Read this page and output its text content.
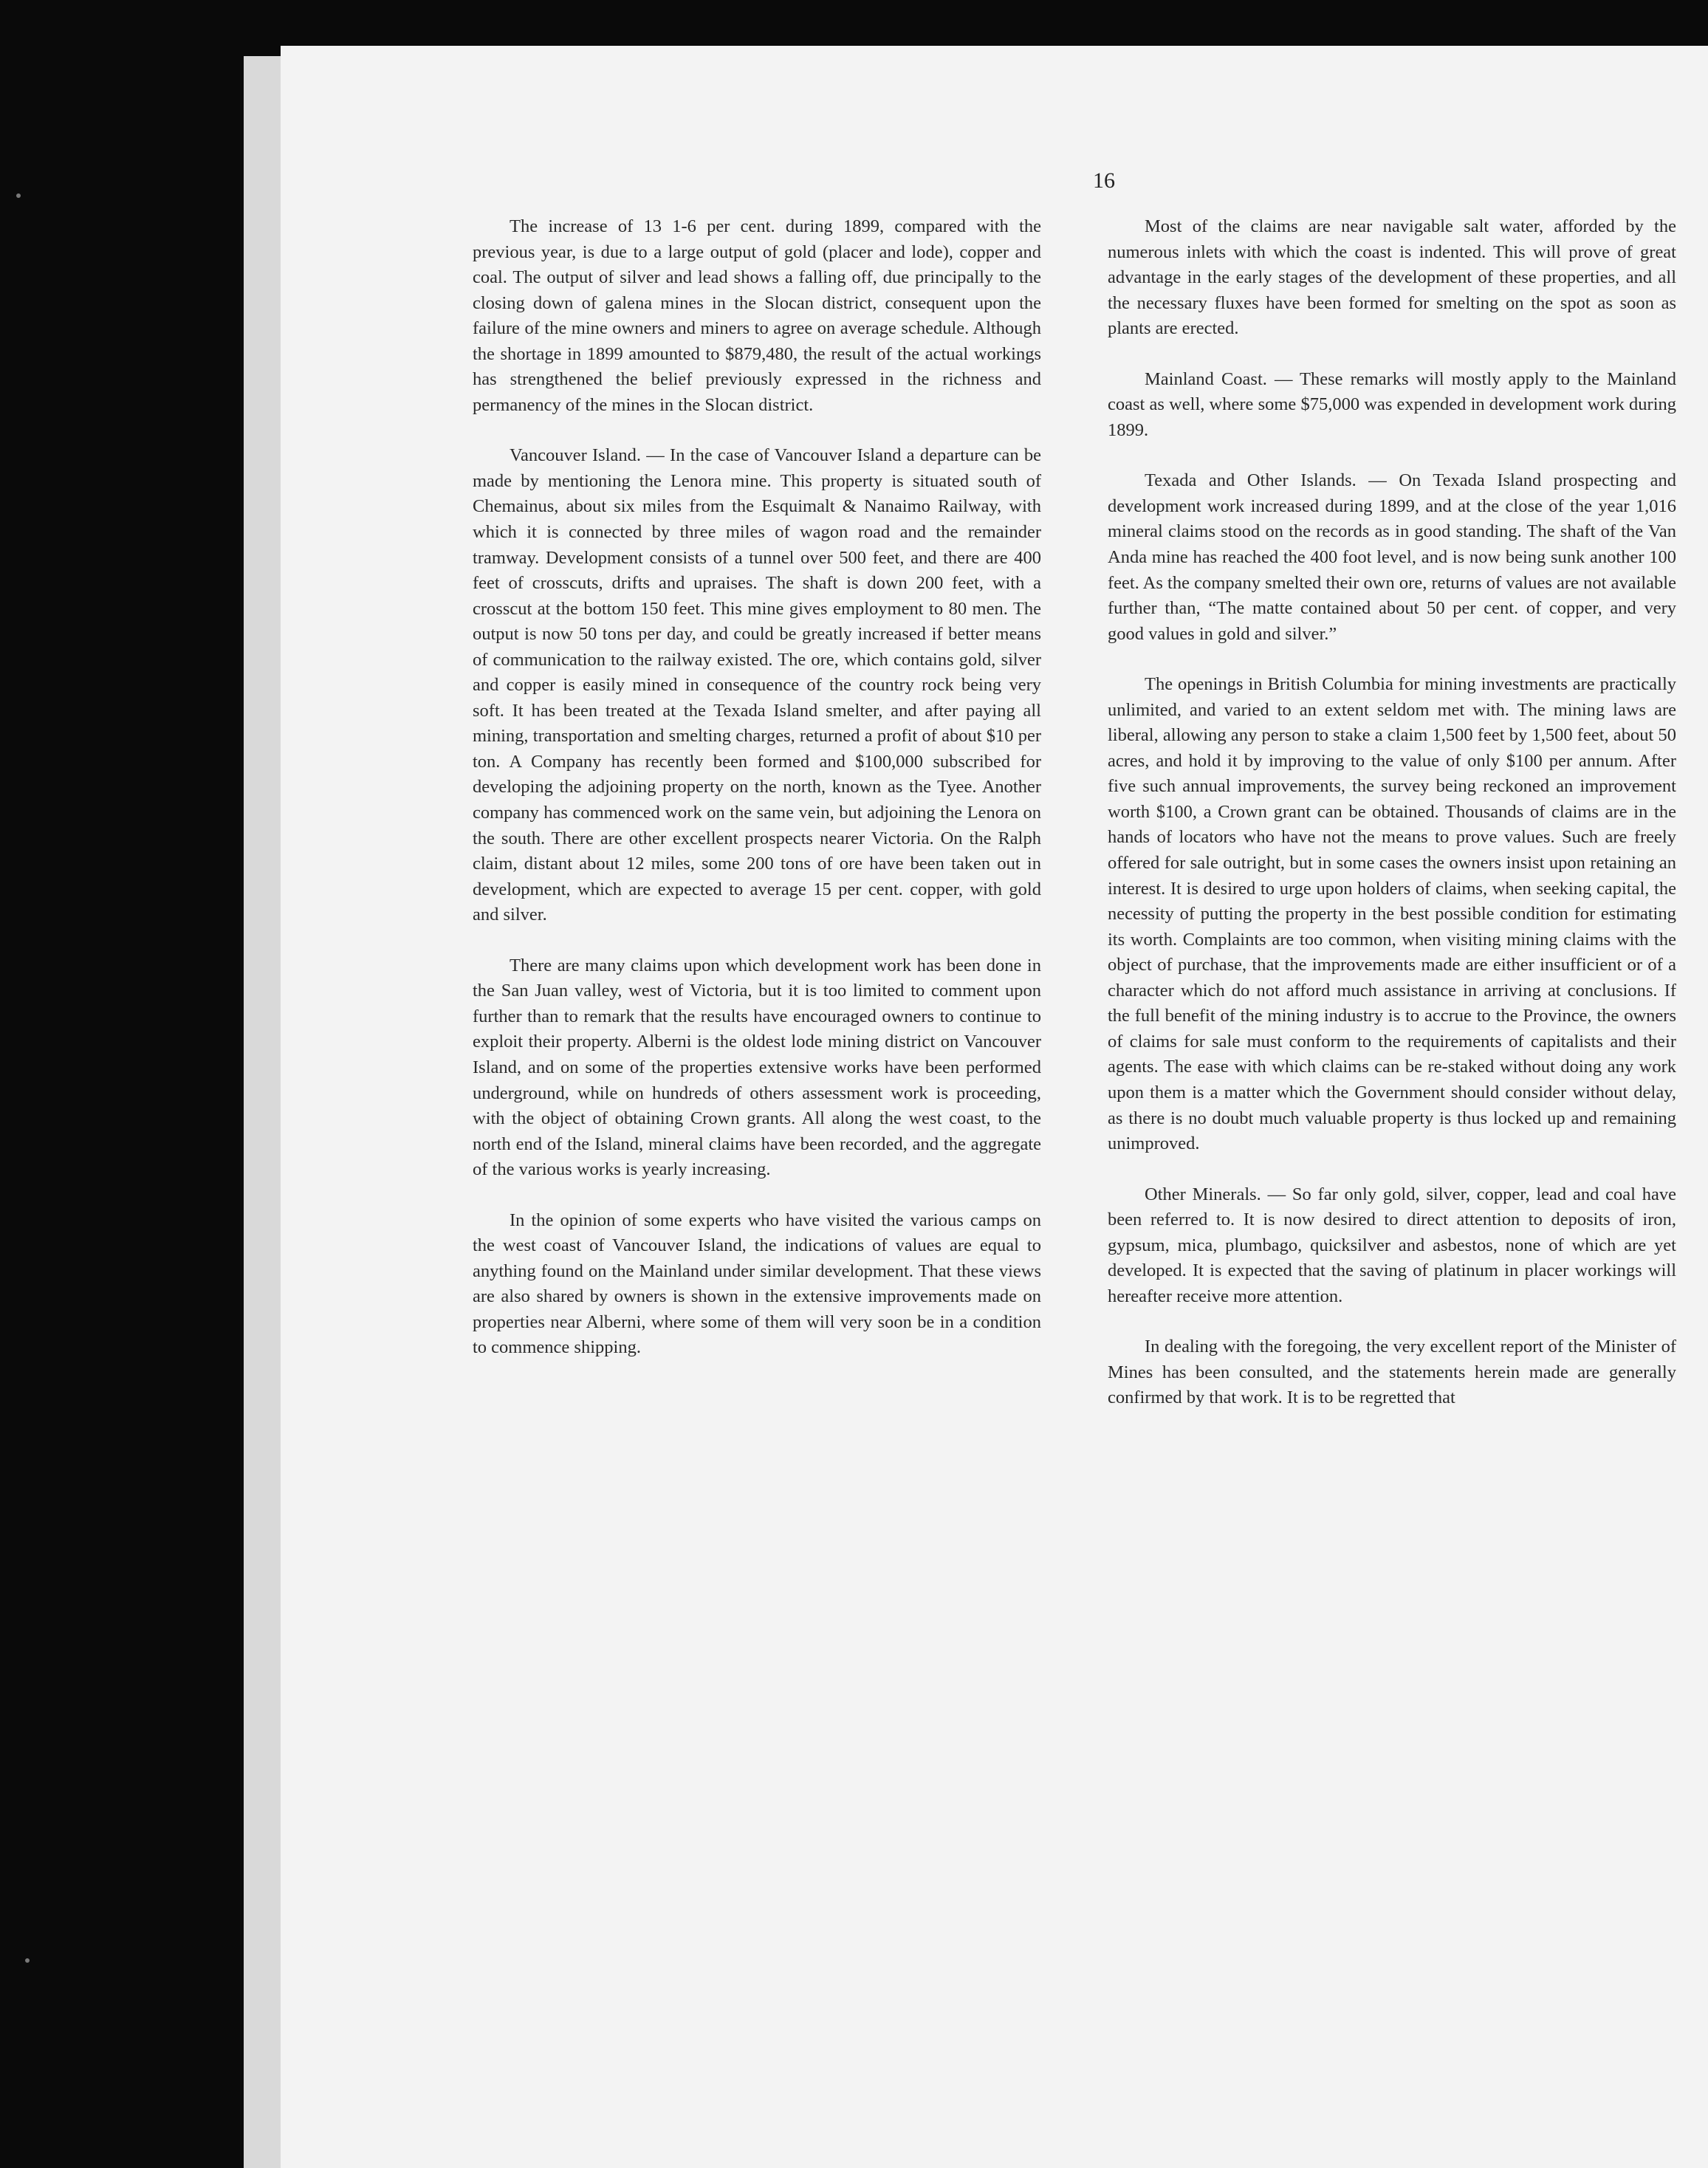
16

The increase of 13 1-6 per cent. during 1899, compared with the previous year, is due to a large output of gold (placer and lode), copper and coal. The output of silver and lead shows a falling off, due principally to the closing down of galena mines in the Slocan district, consequent upon the failure of the mine owners and miners to agree on average schedule. Although the shortage in 1899 amounted to $879,480, the result of the actual workings has strengthened the belief previously expressed in the richness and permanency of the mines in the Slocan district.

Vancouver Island. — In the case of Vancouver Island a departure can be made by mentioning the Lenora mine. This property is situated south of Chemainus, about six miles from the Esquimalt & Nanaimo Railway, with which it is connected by three miles of wagon road and the remainder tramway. Development consists of a tunnel over 500 feet, and there are 400 feet of crosscuts, drifts and upraises. The shaft is down 200 feet, with a crosscut at the bottom 150 feet. This mine gives employment to 80 men. The output is now 50 tons per day, and could be greatly increased if better means of communication to the railway existed. The ore, which contains gold, silver and copper is easily mined in consequence of the country rock being very soft. It has been treated at the Texada Island smelter, and after paying all mining, transportation and smelting charges, returned a profit of about $10 per ton. A Company has recently been formed and $100,000 subscribed for developing the adjoining property on the north, known as the Tyee. Another company has commenced work on the same vein, but adjoining the Lenora on the south. There are other excellent prospects nearer Victoria. On the Ralph claim, distant about 12 miles, some 200 tons of ore have been taken out in development, which are expected to average 15 per cent. copper, with gold and silver.

There are many claims upon which development work has been done in the San Juan valley, west of Victoria, but it is too limited to comment upon further than to remark that the results have encouraged owners to continue to exploit their property. Alberni is the oldest lode mining district on Vancouver Island, and on some of the properties extensive works have been performed underground, while on hundreds of others assessment work is proceeding, with the object of obtaining Crown grants. All along the west coast, to the north end of the Island, mineral claims have been recorded, and the aggregate of the various works is yearly increasing.

In the opinion of some experts who have visited the various camps on the west coast of Vancouver Island, the indications of values are equal to anything found on the Mainland under similar development. That these views are also shared by owners is shown in the extensive improvements made on properties near Alberni, where some of them will very soon be in a condition to commence shipping.

Most of the claims are near navigable salt water, afforded by the numerous inlets with which the coast is indented. This will prove of great advantage in the early stages of the development of these properties, and all the necessary fluxes have been formed for smelting on the spot as soon as plants are erected.

Mainland Coast. — These remarks will mostly apply to the Mainland coast as well, where some $75,000 was expended in development work during 1899.

Texada and Other Islands. — On Texada Island prospecting and development work increased during 1899, and at the close of the year 1,016 mineral claims stood on the records as in good standing. The shaft of the Van Anda mine has reached the 400 foot level, and is now being sunk another 100 feet. As the company smelted their own ore, returns of values are not available further than, “The matte contained about 50 per cent. of copper, and very good values in gold and silver.”

The openings in British Columbia for mining investments are practically unlimited, and varied to an extent seldom met with. The mining laws are liberal, allowing any person to stake a claim 1,500 feet by 1,500 feet, about 50 acres, and hold it by improving to the value of only $100 per annum. After five such annual improvements, the survey being reckoned an improvement worth $100, a Crown grant can be obtained. Thousands of claims are in the hands of locators who have not the means to prove values. Such are freely offered for sale outright, but in some cases the owners insist upon retaining an interest. It is desired to urge upon holders of claims, when seeking capital, the necessity of putting the property in the best possible condition for estimating its worth. Complaints are too common, when visiting mining claims with the object of purchase, that the improvements made are either insufficient or of a character which do not afford much assistance in arriving at conclusions. If the full benefit of the mining industry is to accrue to the Province, the owners of claims for sale must conform to the requirements of capitalists and their agents. The ease with which claims can be re-staked without doing any work upon them is a matter which the Government should consider without delay, as there is no doubt much valuable property is thus locked up and remaining unimproved.

Other Minerals. — So far only gold, silver, copper, lead and coal have been referred to. It is now desired to direct attention to deposits of iron, gypsum, mica, plumbago, quicksilver and asbestos, none of which are yet developed. It is expected that the saving of platinum in placer workings will hereafter receive more attention.

In dealing with the foregoing, the very excellent report of the Minister of Mines has been consulted, and the statements herein made are generally confirmed by that work. It is to be regretted that
